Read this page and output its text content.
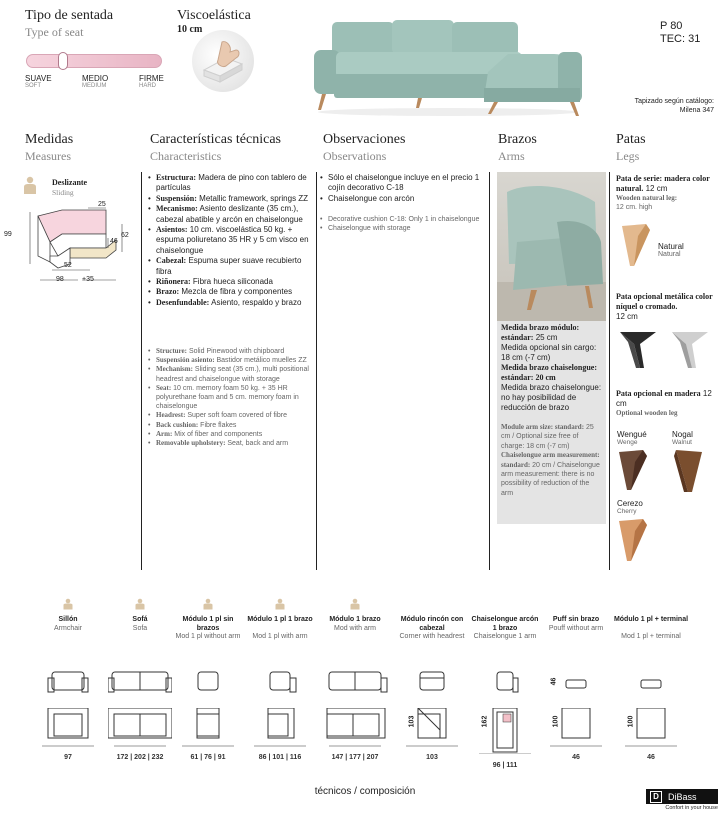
Tipo de sentada
Type of seat
SUAVE
SOFT
MEDIO
MEDIUM
FIRME
HARD
Viscoelástica
10 cm	P 80
TEC: 31
Tapizado según catálogo:
Milena 347
Medidas
Measures
Características técnicas
Characteristics
Observaciones
Observations
Brazos
Arms
Patas
Legs
Deslizante
Sliding
99
25
62
46
52
98	+35
• Estructura: Madera de pino con tablero de partículas
• Suspensión: Metallic framework, springs ZZ
• Mecanismo: Asiento deslizante (35 cm.), cabezal abatible y arcón en chaiselongue
• Asientos: 10 cm. viscoelástica 50 kg. + espuma poliuretano 35 HR y 5 cm visco en chaiselongue
• Cabezal: Espuma super suave recubierto fibra
• Riñonera: Fibra hueca siliconada
• Brazo: Mezcla de fibra y componentes
• Desenfundable: Asiento, respaldo y brazo
• Structure: Solid Pinewood with chipboard
• Suspensión asiento: Bastidor metálico muelles ZZ
• Mechanism: Sliding seat (35 cm.), multi positional headrest and chaiselongue with storage
• Seat: 10 cm. memory foam 50 kg. + 35 HR polyurethane foam and 5 cm. memory foam in chaiselongue
• Headrest: Super soft foam covered of fibre
• Back cushion: Fibre flakes
• Arm: Mix of fiber and components
• Removable upholstery: Seat, back and arm
• Sólo el chaiselongue incluye en el precio 1 cojín decorativo C-18
• Chaiselongue con arcón
• Decorative cushion C-18: Only 1 in chaiselongue
• Chaiselongue with storage
Medida brazo módulo: estándar: 25 cm
Medida opcional sin cargo: 18 cm (-7 cm)
Medida brazo chaiselongue: estándar: 20 cm
Medida brazo chaiselongue: no hay posibilidad de reducción de brazo
Module arm size: standard: 25 cm / Optional size free of charge: 18 cm (-7 cm)
Chaiselongue arm measurement: standard: 20 cm / Chaiselongue arm measurement: there is no possibility of reduction of the arm
Pata de serie: madera color natural. 12 cm
Wooden natural leg:
12 cm. high
Natural
Natural
Pata opcional metálica color níquel o cromado.
12 cm
Pata opcional en madera 12 cm
Optional wooden leg
Wengué
Wenge
Nogal
Walnut
Cerezo
Cherry
Sillón
Armchair
97
Sofá
Sofa
172 | 202 | 232
Módulo 1 pl sin brazos
Mod 1 pl without arm
61 | 76 | 91
Módulo 1 pl 1 brazo
Mod 1 pl with arm
86 | 101 | 116
Módulo 1 brazo
Mod with arm
147 | 177 | 207
Módulo rincón con cabezal
Corner with headrest
103
103
Chaiselongue arcón 1 brazo
Chaiselongue 1 arm
162
96 | 111
Puff sin brazo
Pouff without arm
100
46
46
Módulo 1 pl + terminal
Mod 1 pl + terminal
100
46
técnicos / composición	D	DiBass
Confort in your house
